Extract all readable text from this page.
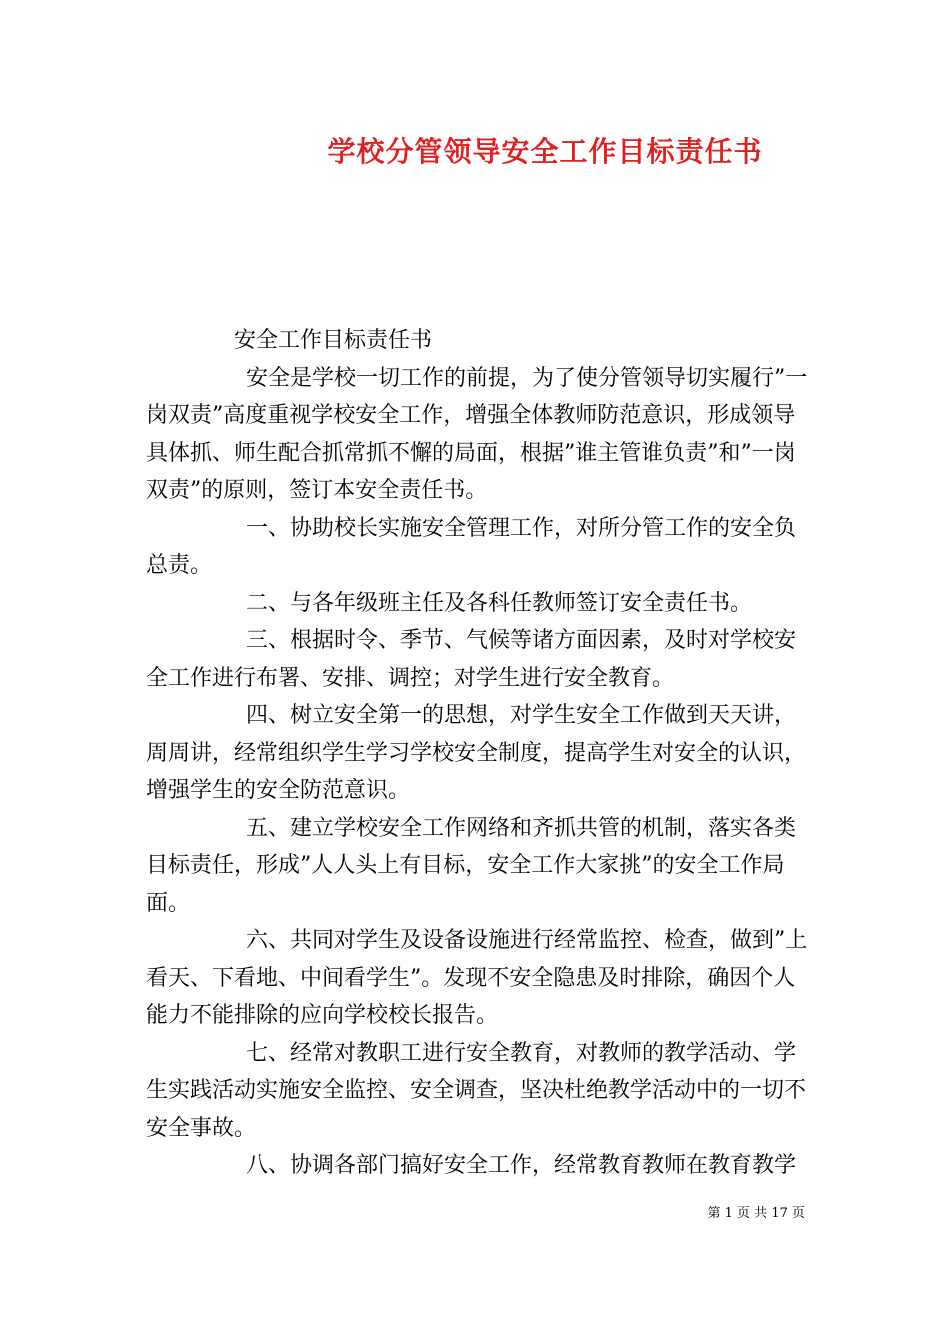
学校分管领导安全工作目标责任书

安全工作目标责任书

安全是学校一切工作的前提，为了使分管领导切实履行”一岗双责”高度重视学校安全工作，增强全体教师防范意识，形成领导具体抓、师生配合抓常抓不懈的局面，根据”谁主管谁负责”和”一岗双责”的原则，签订本安全责任书。

一、协助校长实施安全管理工作，对所分管工作的安全负总责。

二、与各年级班主任及各科任教师签订安全责任书。

三、根据时令、季节、气候等诸方面因素，及时对学校安全工作进行布署、安排、调控；对学生进行安全教育。

四、树立安全第一的思想，对学生安全工作做到天天讲，周周讲，经常组织学生学习学校安全制度，提高学生对安全的认识，增强学生的安全防范意识。

五、建立学校安全工作网络和齐抓共管的机制，落实各类目标责任，形成”人人头上有目标，安全工作大家挑”的安全工作局面。

六、共同对学生及设备设施进行经常监控、检查，做到”上看天、下看地、中间看学生”。发现不安全隐患及时排除，确因个人能力不能排除的应向学校校长报告。

七、经常对教职工进行安全教育，对教师的教学活动、学生实践活动实施安全监控、安全调查，坚决杜绝教学活动中的一切不安全事故。

八、协调各部门搞好安全工作，经常教育教师在教育教学

第 1 页 共 17 页
